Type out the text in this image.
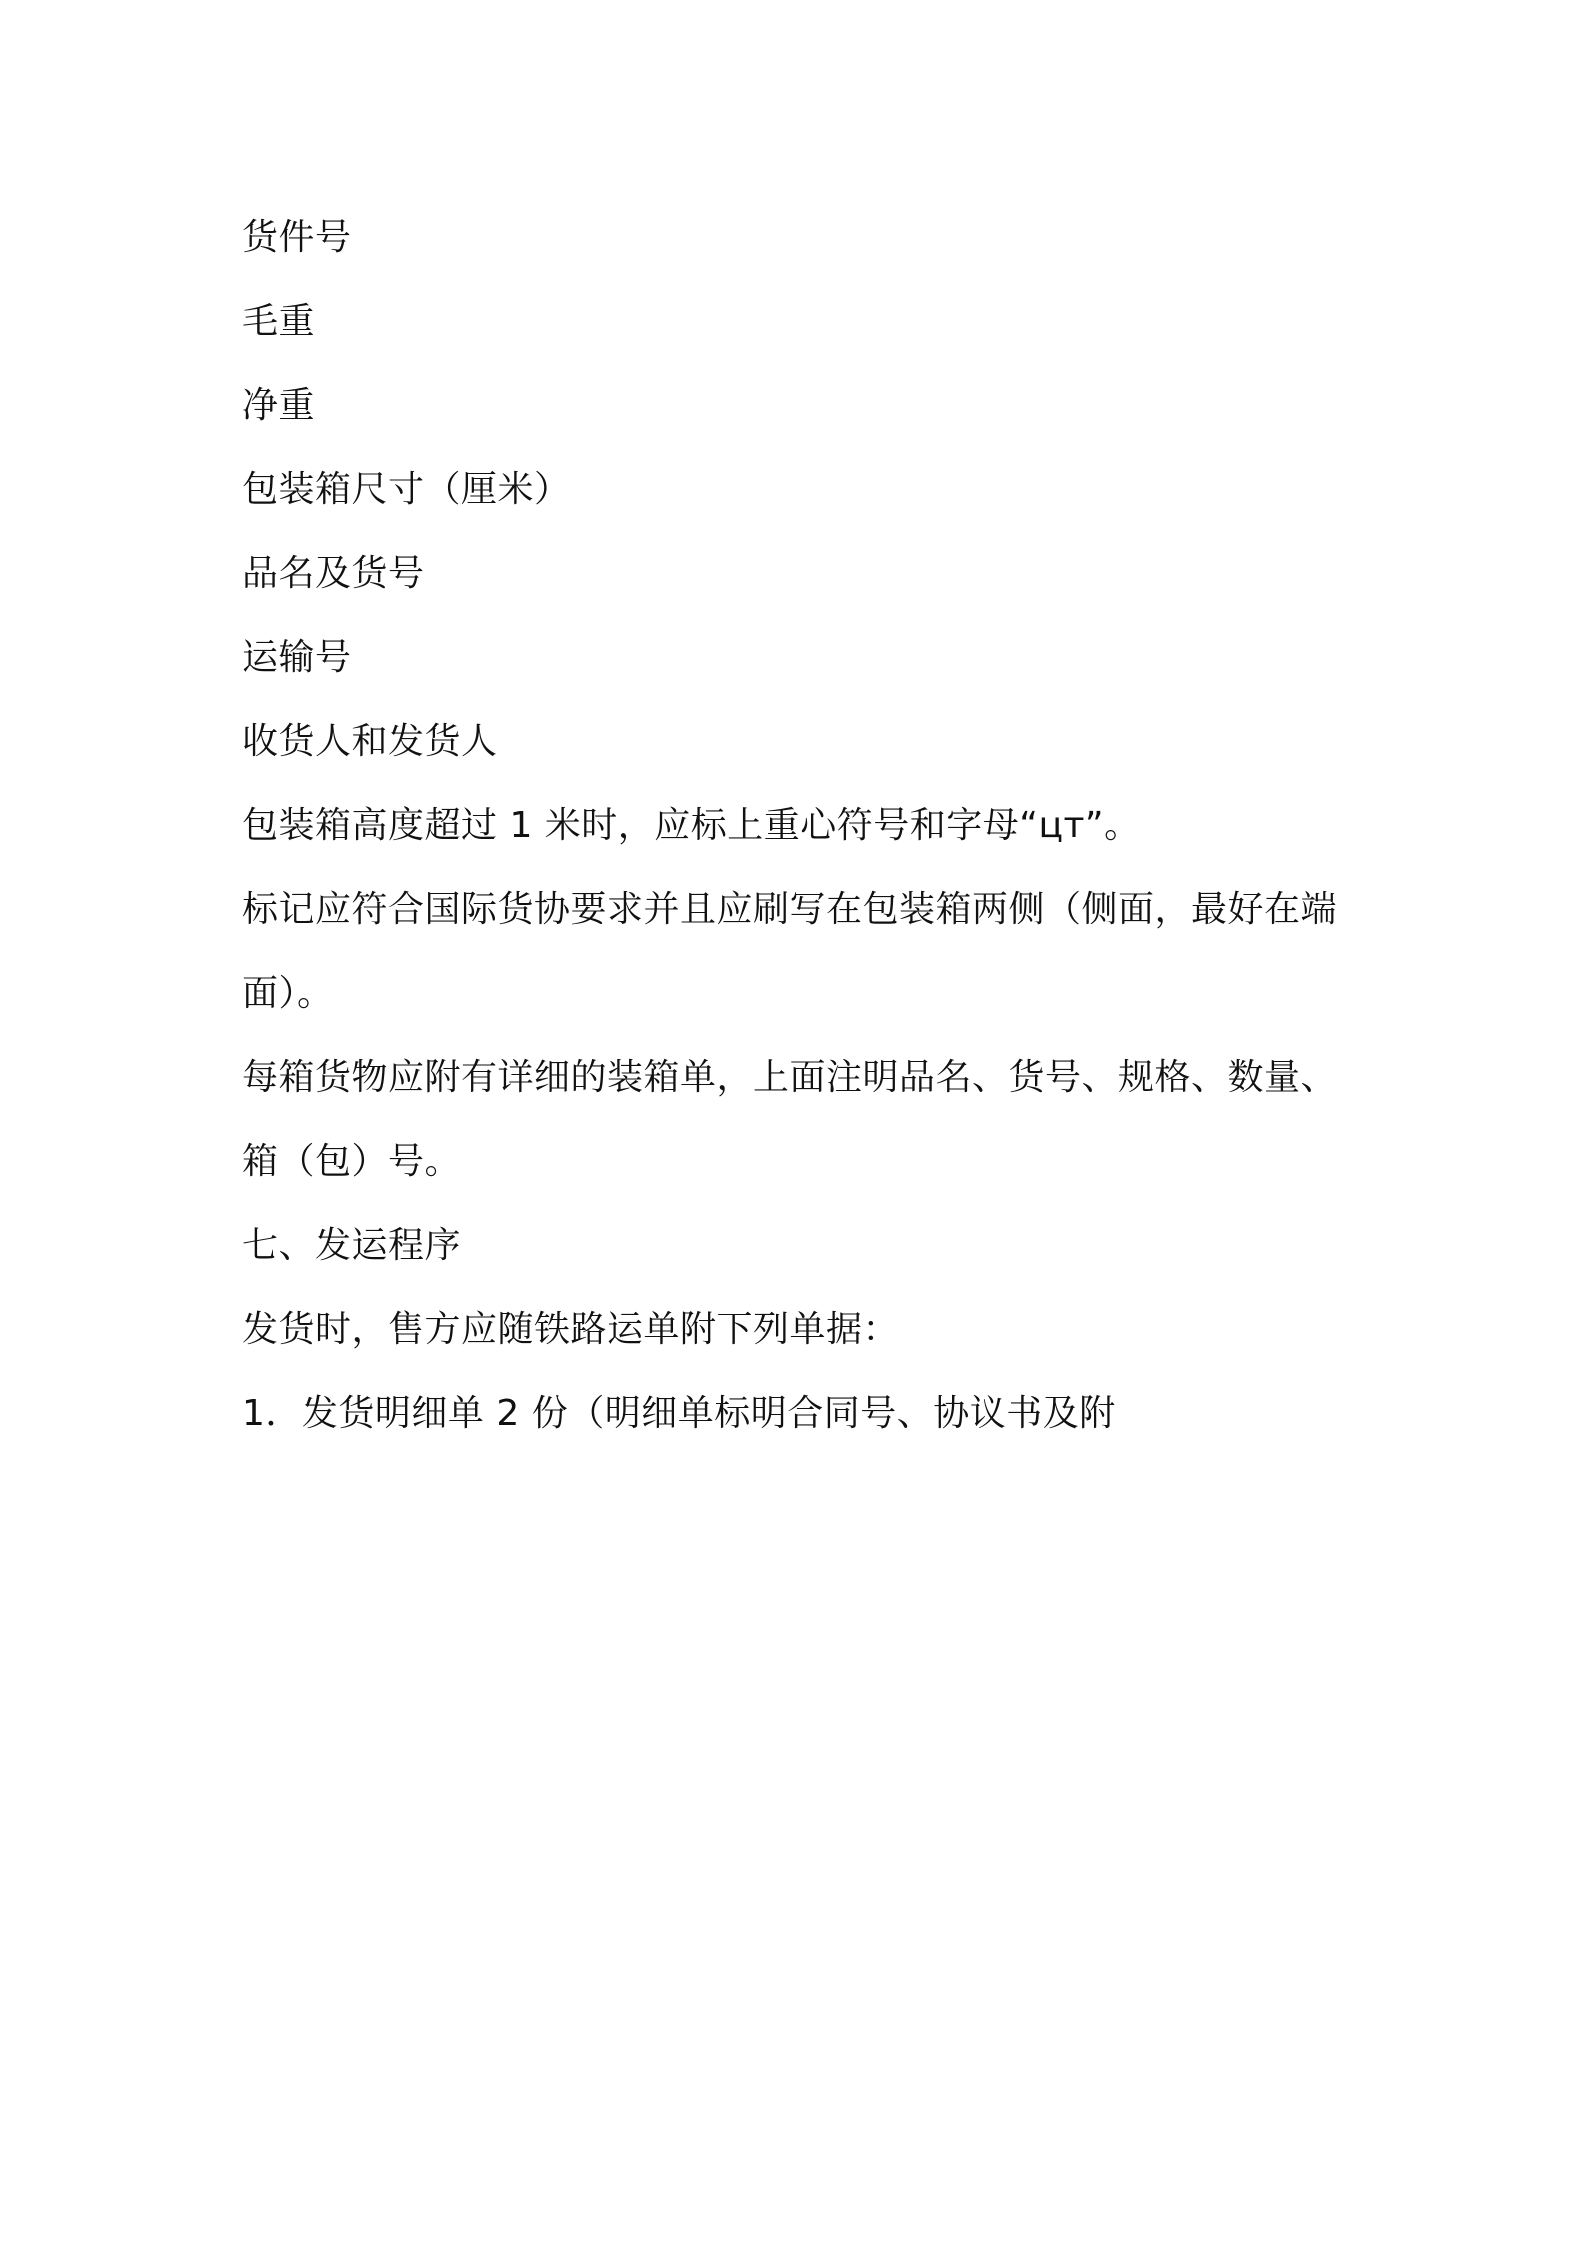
货件号
毛重
净重
包装箱尺寸（厘米）
品名及货号
运输号
收货人和发货人
包装箱高度超过 1 米时，应标上重心符号和字母“цт”。
标记应符合国际货协要求并且应刷写在包装箱两侧（侧面，最好在端
面）。
每箱货物应附有详细的装箱单，上面注明品名、货号、规格、数量、
箱（包）号。
七、发运程序
发货时，售方应随铁路运单附下列单据：
1．发货明细单 2 份（明细单标明合同号、协议书及附
